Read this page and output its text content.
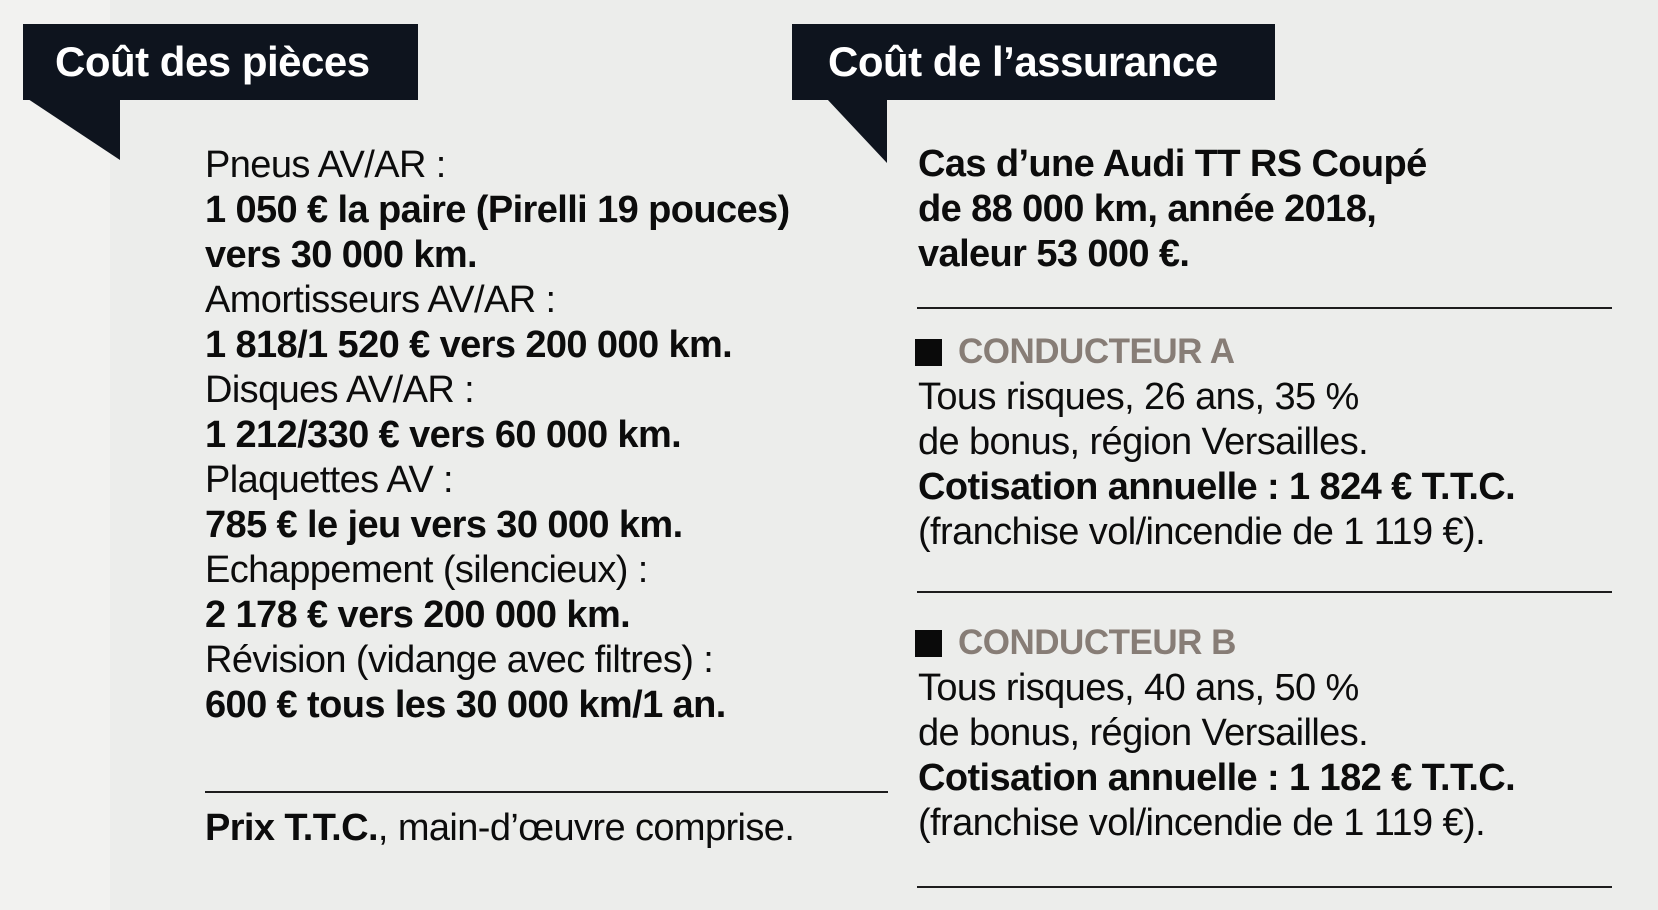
Coût des pièces	Coût de l’assurance
Pneus AV/AR :
1 050 € la paire (Pirelli 19 pouces)
vers 30 000 km.
Amortisseurs AV/AR :
1 818/1 520 € vers 200 000 km.
Disques AV/AR :
1 212/330 € vers 60 000 km.
Plaquettes AV :
785 € le jeu vers 30 000 km.
Echappement (silencieux) :
2 178 € vers 200 000 km.
Révision (vidange avec filtres) :
600 € tous les 30 000 km/1 an.
Prix T.T.C., main-d’œuvre comprise.
Cas d’une Audi TT RS Coupé
de 88 000 km, année 2018,
valeur 53 000 €.
CONDUCTEUR A
Tous risques, 26 ans, 35 %
de bonus, région Versailles.
Cotisation annuelle : 1 824 € T.T.C.
(franchise vol/incendie de 1 119 €).
CONDUCTEUR B
Tous risques, 40 ans, 50 %
de bonus, région Versailles.
Cotisation annuelle : 1 182 € T.T.C.
(franchise vol/incendie de 1 119 €).
